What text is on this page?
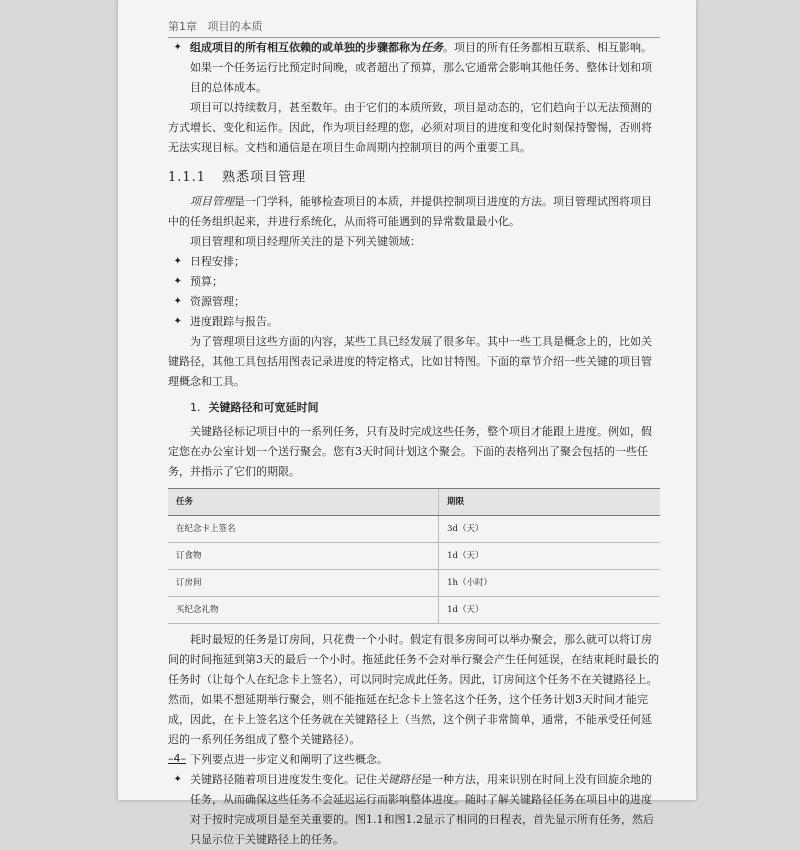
第1章 项目的本质

✦ 组成项目的所有相互依赖的或单独的步骤都称为任务。项目的所有任务都相互联系、相互影响。如果一个任务运行比预定时间晚，或者超出了预算，那么它通常会影响其他任务、整体计划和项目的总体成本。

项目可以持续数月，甚至数年。由于它们的本质所致，项目是动态的，它们趋向于以无法预测的方式增长、变化和运作。因此，作为项目经理的您，必须对项目的进度和变化时刻保持警惕，否则将无法实现目标。文档和通信是在项目生命周期内控制项目的两个重要工具。

1.1.1 熟悉项目管理

项目管理是一门学科，能够检查项目的本质，并提供控制项目进度的方法。项目管理试图将项目中的任务组织起来，并进行系统化，从而将可能遇到的异常数量最小化。

项目管理和项目经理所关注的是下列关键领域：

✦ 日程安排；

✦ 预算；

✦ 资源管理；

✦ 进度跟踪与报告。

为了管理项目这些方面的内容，某些工具已经发展了很多年。其中一些工具是概念上的，比如关键路径，其他工具包括用图表记录进度的特定格式，比如甘特图。下面的章节介绍一些关键的项目管理概念和工具。

1. 关键路径和可宽延时间

关键路径标记项目中的一系列任务，只有及时完成这些任务，整个项目才能跟上进度。例如，假定您在办公室计划一个送行聚会。您有3天时间计划这个聚会。下面的表格列出了聚会包括的一些任务，并指示了它们的期限。

任务	期限
在纪念卡上签名	3d（天）
订食物	1d（天）
订房间	1h（小时）
买纪念礼物	1d（天）

耗时最短的任务是订房间，只花费一个小时。假定有很多房间可以举办聚会，那么就可以将订房间的时间拖延到第3天的最后一个小时。拖延此任务不会对举行聚会产生任何延误，在结束耗时最长的任务时（让每个人在纪念卡上签名），可以同时完成此任务。因此，订房间这个任务不在关键路径上。然而，如果不想延期举行聚会，则不能拖延在纪念卡上签名这个任务，这个任务计划3天时间才能完成，因此，在卡上签名这个任务就在关键路径上（当然，这个例子非常简单，通常，不能承受任何延迟的一系列任务组成了整个关键路径）。

下列要点进一步定义和阐明了这些概念。

✦ 关键路径随着项目进度发生变化。记住关键路径是一种方法，用来识别在时间上没有回旋余地的任务，从而确保这些任务不会延迟运行而影响整体进度。随时了解关键路径任务在项目中的进度对于按时完成项目是至关重要的。图1.1和图1.2显示了相同的日程表，首先显示所有任务，然后只显示位于关键路径上的任务。

–4–
